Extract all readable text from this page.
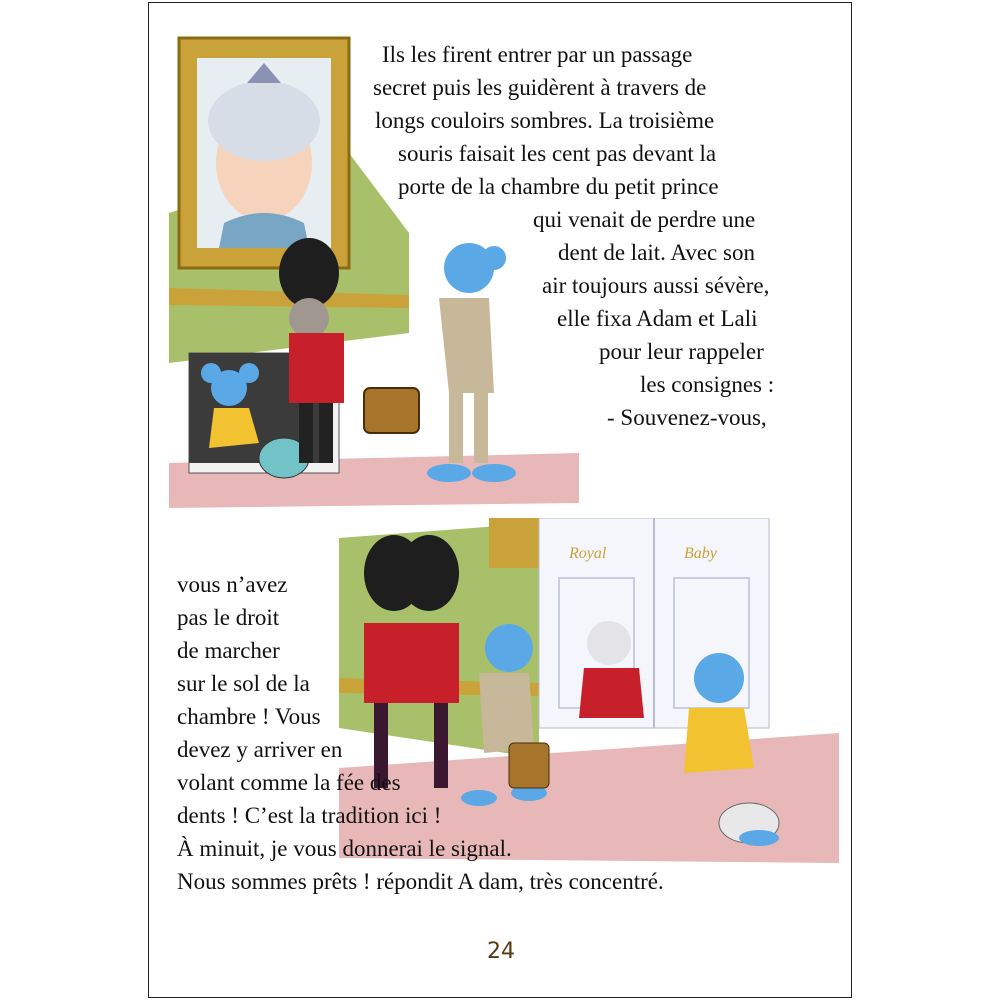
Royal	Baby
Ils les firent entrer par un passage
secret puis les guidèrent à travers de
longs couloirs sombres. La troisième
souris faisait les cent pas devant la
porte de la chambre du petit prince
qui venait de perdre une
dent de lait. Avec son
air toujours aussi sévère,
elle fixa Adam et Lali
pour leur rappeler
les consignes :
- Souvenez-vous,
vous n’avez
pas le droit
de marcher
sur le sol de la
chambre ! Vous
devez y arriver en
volant comme la fée des
dents ! C’est la tradition ici !
À minuit, je vous donnerai le signal.
Nous sommes prêts ! répondit A dam, très concentré.
24
